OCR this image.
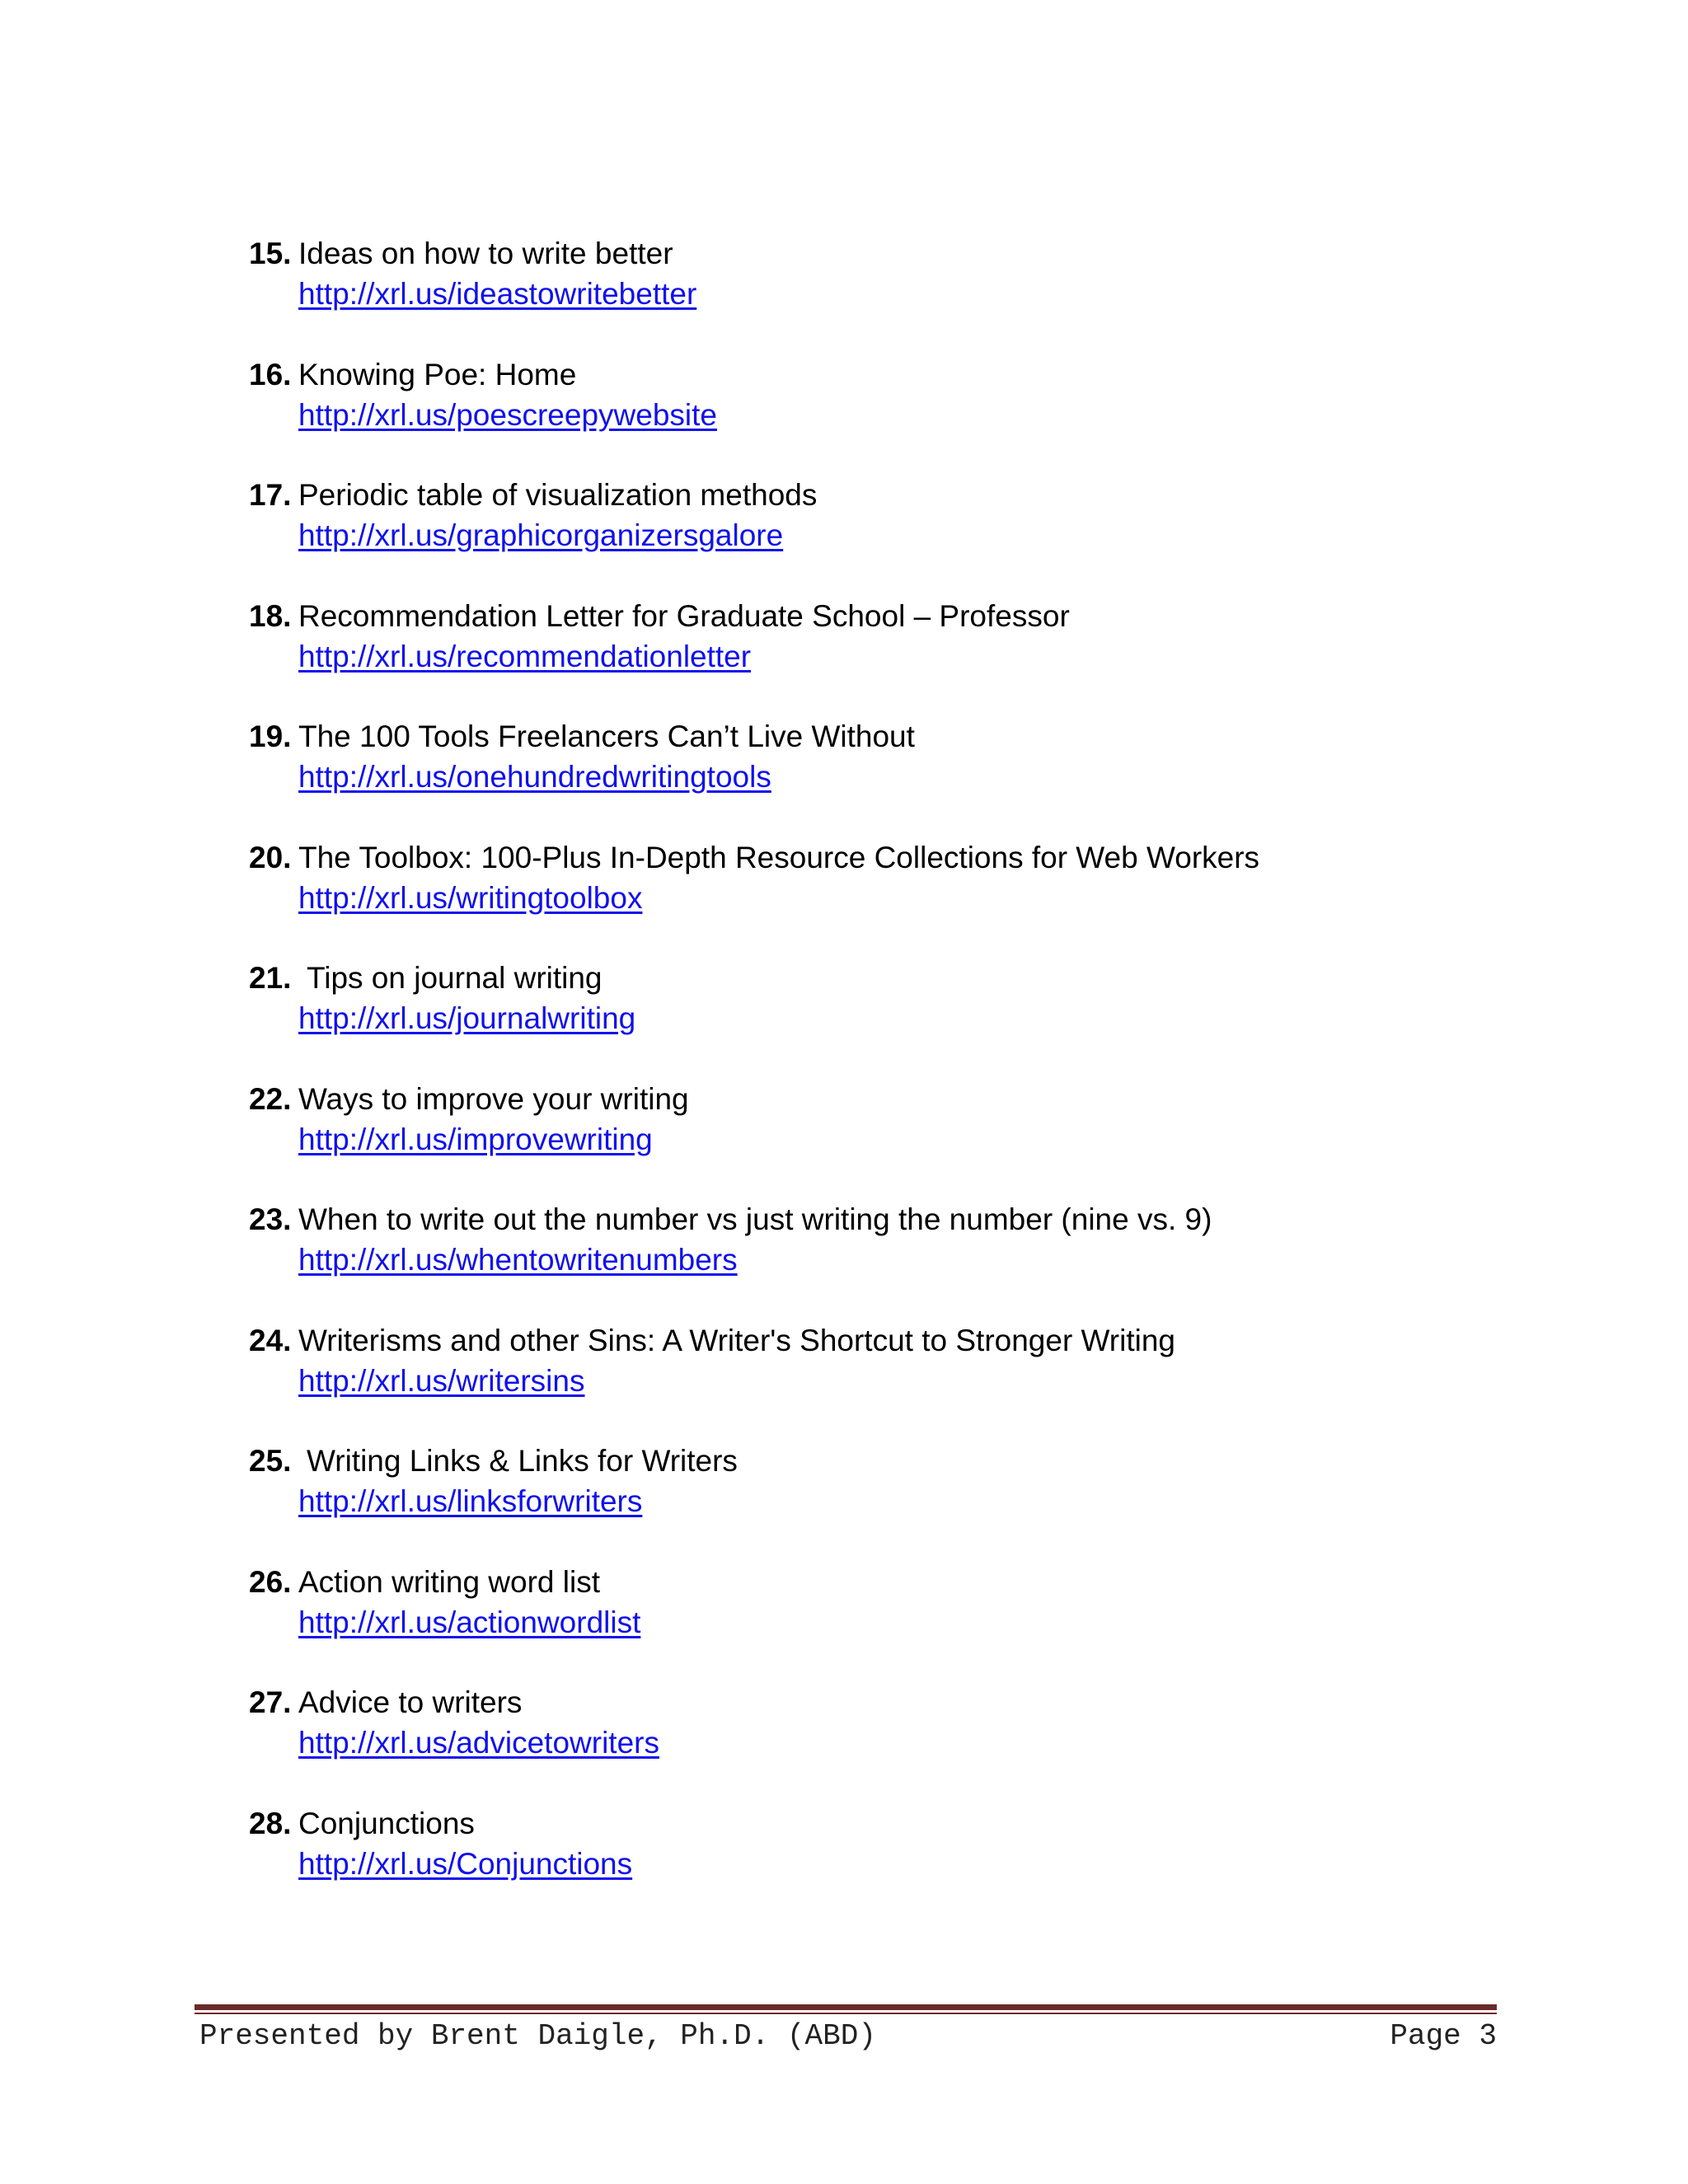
15. Ideas on how to write better
http://xrl.us/ideastowritebetter
16. Knowing Poe: Home
http://xrl.us/poescreepywebsite
17. Periodic table of visualization methods
http://xrl.us/graphicorganizersgalore
18. Recommendation Letter for Graduate School – Professor
http://xrl.us/recommendationletter
19. The 100 Tools Freelancers Can’t Live Without
http://xrl.us/onehundredwritingtools
20. The Toolbox: 100-Plus In-Depth Resource Collections for Web Workers
http://xrl.us/writingtoolbox
21. Tips on journal writing
http://xrl.us/journalwriting
22. Ways to improve your writing
http://xrl.us/improvewriting
23. When to write out the number vs just writing the number (nine vs. 9)
http://xrl.us/whentowritenumbers
24. Writerisms and other Sins: A Writer's Shortcut to Stronger Writing
http://xrl.us/writersins
25. Writing Links & Links for Writers
http://xrl.us/linksforwriters
26. Action writing word list
http://xrl.us/actionwordlist
27. Advice to writers
http://xrl.us/advicetowriters
28. Conjunctions
http://xrl.us/Conjunctions
Presented by Brent Daigle, Ph.D. (ABD)	Page 3
